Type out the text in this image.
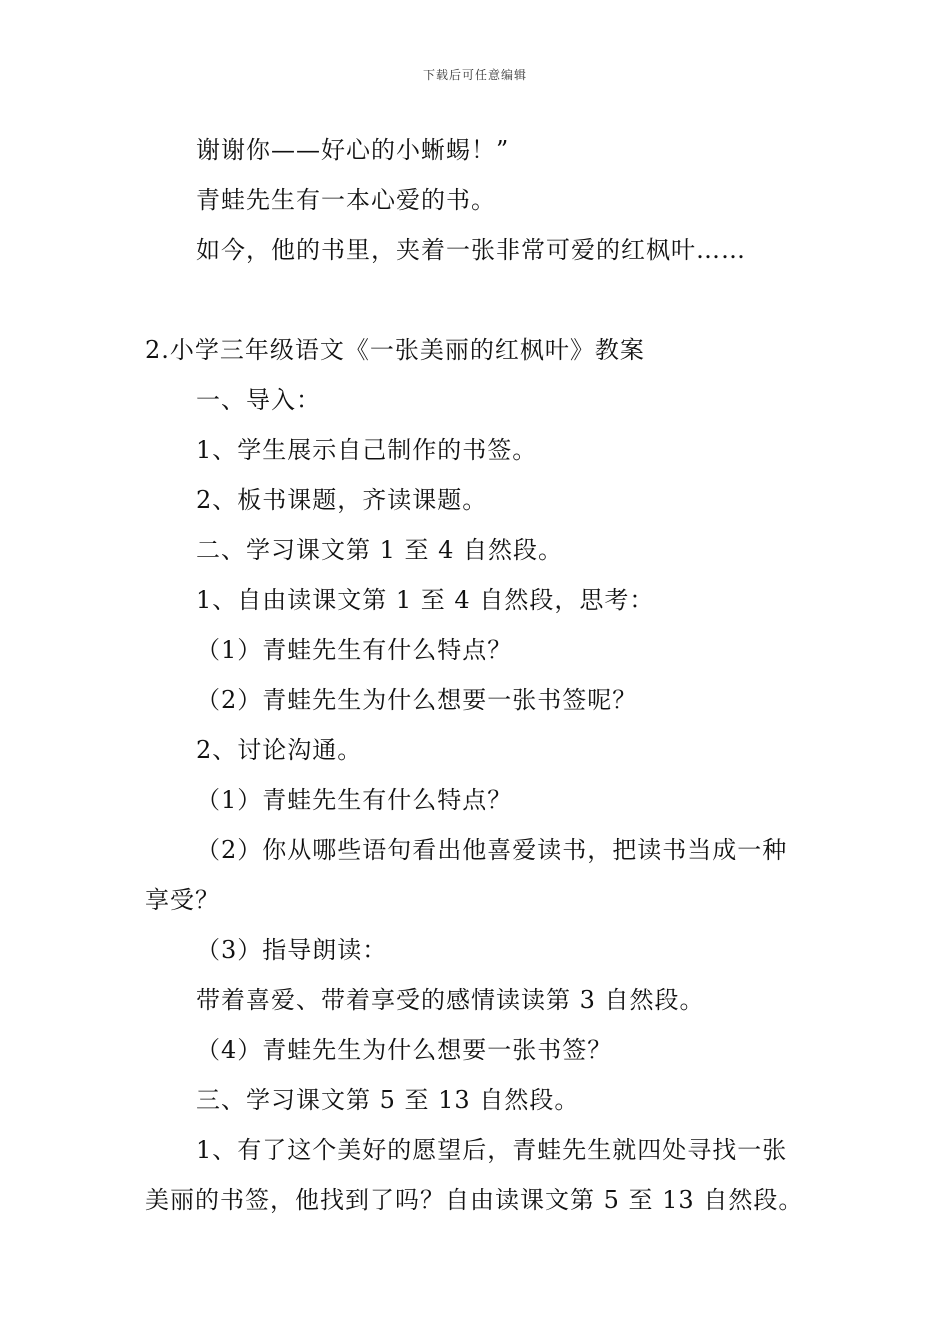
下载后可任意编辑
谢谢你——好心的小蜥蜴！”
青蛙先生有一本心爱的书。
如今，他的书里，夹着一张非常可爱的红枫叶……
2.小学三年级语文《一张美丽的红枫叶》教案
一、导入：
1、学生展示自己制作的书签。
2、板书课题，齐读课题。
二、学习课文第 1 至 4 自然段。
1、自由读课文第 1 至 4 自然段，思考：
（1）青蛙先生有什么特点？
（2）青蛙先生为什么想要一张书签呢？
2、讨论沟通。
（1）青蛙先生有什么特点？
（2）你从哪些语句看出他喜爱读书，把读书当成一种
享受？
（3）指导朗读：
带着喜爱、带着享受的感情读读第 3 自然段。
（4）青蛙先生为什么想要一张书签？
三、学习课文第 5 至 13 自然段。
1、有了这个美好的愿望后，青蛙先生就四处寻找一张
美丽的书签，他找到了吗？自由读课文第 5 至 13 自然段。
